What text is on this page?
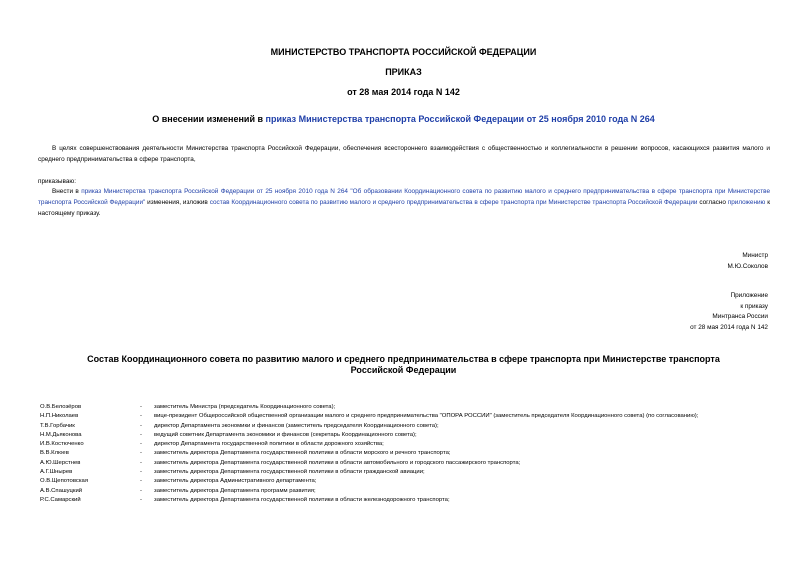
МИНИСТЕРСТВО ТРАНСПОРТА РОССИЙСКОЙ ФЕДЕРАЦИИ
ПРИКАЗ
от 28 мая 2014 года N 142
О внесении изменений в приказ Министерства транспорта Российской Федерации от 25 ноября 2010 года N 264
В целях совершенствования деятельности Министерства транспорта Российской Федерации, обеспечения всестороннего взаимодействия с общественностью и коллегиальности в решении вопросов, касающихся развития малого и среднего предпринимательства в сфере транспорта,
приказываю:
Внести в приказ Министерства транспорта Российской Федерации от 25 ноября 2010 года N 264 "Об образовании Координационного совета по развитию малого и среднего предпринимательства в сфере транспорта при Министерстве транспорта Российской Федерации" изменения, изложив состав Координационного совета по развитию малого и среднего предпринимательства в сфере транспорта при Министерстве транспорта Российской Федерации согласно приложению к настоящему приказу.
Министр
М.Ю.Соколов
Приложение
к приказу
Минтранса России
от 28 мая 2014 года N 142
Состав Координационного совета по развитию малого и среднего предпринимательства в сфере транспорта при Министерстве транспорта Российской Федерации
О.В.Белозёров	-	заместитель Министра (председатель Координационного совета);
Н.П.Николаев	-	вице-президент Общероссийской общественной организации малого и среднего предпринимательства "ОПОРА РОССИИ" (заместитель председателя Координационного совета) (по согласованию);
Т.В.Горбачик	-	директор Департамента экономики и финансов (заместитель председателя Координационного совета);
Н.М.Дьяконова	-	ведущий советник Департамента экономики и финансов (секретарь Координационного совета);
И.В.Костюченко	-	директор Департамента государственной политики в области дорожного хозяйства;
В.В.Клюев	-	заместитель директора Департамента государственной политики в области морского и речного транспорта;
А.Ю.Шерстнев	-	заместитель директора Департамента государственной политики в области автомобильного и городского пассажирского транспорта;
А.Г.Шнырев	-	заместитель директора Департамента государственной политики в области гражданской авиации;
О.В.Щепотовская	-	заместитель директора Административного департамента;
А.В.Спашуцкий	-	заместитель директора Департамента программ развития;
Р.С.Самарский	-	заместитель директора Департамента государственной политики в области железнодорожного транспорта;
